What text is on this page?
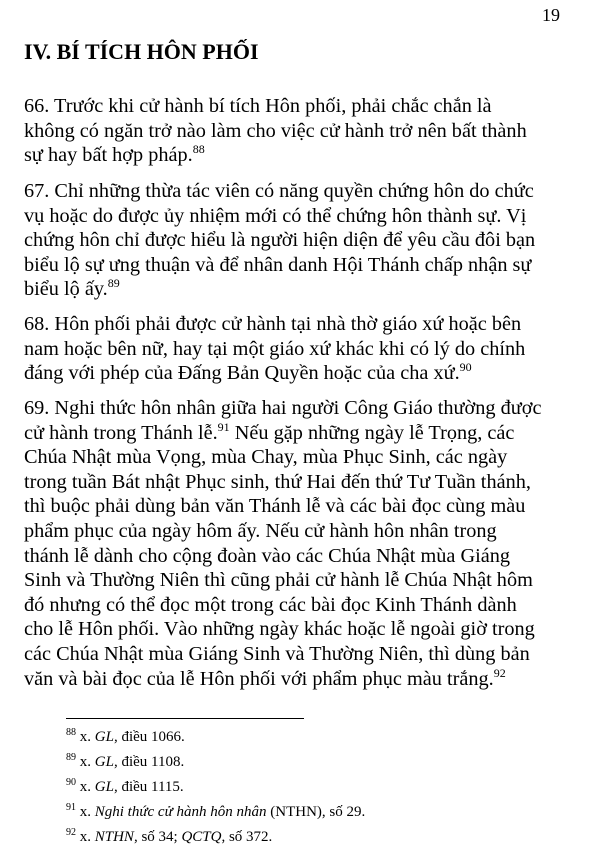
19
IV. BÍ TÍCH HÔN PHỐI

66. Trước khi cử hành bí tích Hôn phối, phải chắc chắn là
không có ngăn trở nào làm cho việc cử hành trở nên bất thành
sự hay bất hợp pháp.$^{88}$

67. Chỉ những thừa tác viên có năng quyền chứng hôn do chức
vụ hoặc do được ủy nhiệm mới có thể chứng hôn thành sự. Vị
chứng hôn chỉ được hiểu là người hiện diện để yêu cầu đôi bạn
biểu lộ sự ưng thuận và để nhân danh Hội Thánh chấp nhận sự
biểu lộ ấy.$^{89}$

68. Hôn phối phải được cử hành tại nhà thờ giáo xứ hoặc bên
nam hoặc bên nữ, hay tại một giáo xứ khác khi có lý do chính
đáng với phép của Đấng Bản Quyền hoặc của cha xứ.$^{90}$

69. Nghi thức hôn nhân giữa hai người Công Giáo thường được
cử hành trong Thánh lễ.$^{91}$ Nếu gặp những ngày lễ Trọng, các
Chúa Nhật mùa Vọng, mùa Chay, mùa Phục Sinh, các ngày
trong tuần Bát nhật Phục sinh, thứ Hai đến thứ Tư Tuần thánh,
thì buộc phải dùng bản văn Thánh lễ và các bài đọc cùng màu
phẩm phục của ngày hôm ấy. Nếu cử hành hôn nhân trong
thánh lễ dành cho cộng đoàn vào các Chúa Nhật mùa Giáng
Sinh và Thường Niên thì cũng phải cử hành lễ Chúa Nhật hôm
đó nhưng có thể đọc một trong các bài đọc Kinh Thánh dành
cho lễ Hôn phối. Vào những ngày khác hoặc lễ ngoài giờ trong
các Chúa Nhật mùa Giáng Sinh và Thường Niên, thì dùng bản
văn và bài đọc của lễ Hôn phối với phẩm phục màu trắng.$^{92}$

$^{88}$ x. GL, điều 1066.
$^{89}$ x. GL, điều 1108.
$^{90}$ x. GL, điều 1115.
$^{91}$ x. Nghi thức cử hành hôn nhân (NTHN), số 29.
$^{92}$ x. NTHN, số 34; QCTQ, số 372.
